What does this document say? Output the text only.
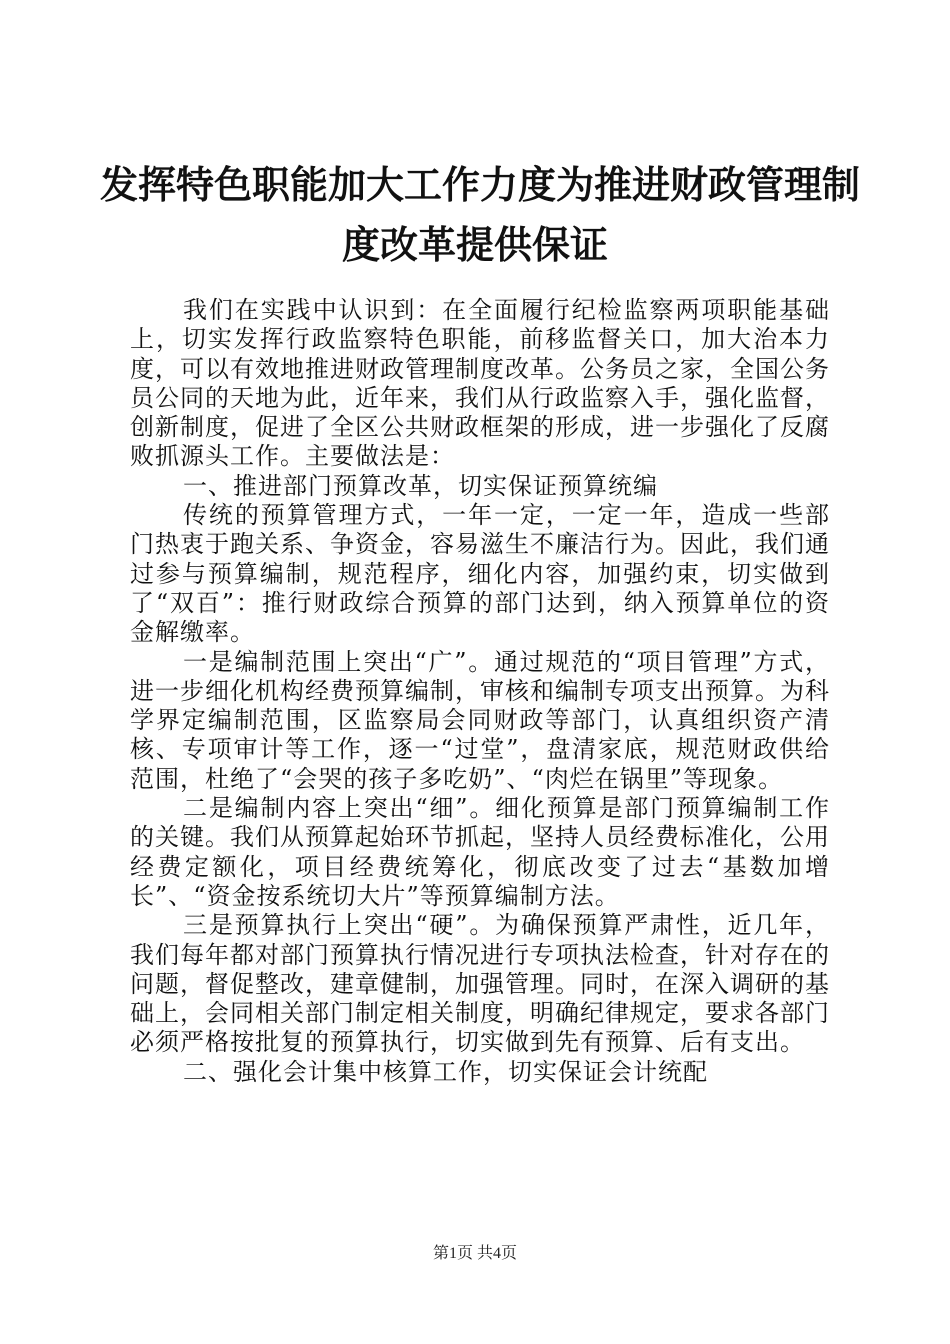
发挥特色职能加大工作力度为推进财政管理制
度改革提供保证

我们在实践中认识到：在全面履行纪检监察两项职能基础上，切实发挥行政监察特色职能，前移监督关口，加大治本力度，可以有效地推进财政管理制度改革。公务员之家，全国公务员公同的天地为此，近年来，我们从行政监察入手，强化监督，创新制度，促进了全区公共财政框架的形成，进一步强化了反腐败抓源头工作。主要做法是：

一、推进部门预算改革，切实保证预算统编

传统的预算管理方式，一年一定，一定一年，造成一些部门热衷于跑关系、争资金，容易滋生不廉洁行为。因此，我们通过参与预算编制，规范程序，细化内容，加强约束，切实做到了“双百”：推行财政综合预算的部门达到，纳入预算单位的资金解缴率。

一是编制范围上突出“广”。通过规范的“项目管理”方式，进一步细化机构经费预算编制，审核和编制专项支出预算。为科学界定编制范围，区监察局会同财政等部门，认真组织资产清核、专项审计等工作，逐一“过堂”，盘清家底，规范财政供给范围，杜绝了“会哭的孩子多吃奶”、“肉烂在锅里”等现象。

二是编制内容上突出“细”。细化预算是部门预算编制工作的关键。我们从预算起始环节抓起，坚持人员经费标准化，公用经费定额化，项目经费统筹化，彻底改变了过去“基数加增长”、“资金按系统切大片”等预算编制方法。

三是预算执行上突出“硬”。为确保预算严肃性，近几年，我们每年都对部门预算执行情况进行专项执法检查，针对存在的问题，督促整改，建章健制，加强管理。同时，在深入调研的基础上，会同相关部门制定相关制度，明确纪律规定，要求各部门必须严格按批复的预算执行，切实做到先有预算、后有支出。

二、强化会计集中核算工作，切实保证会计统配

第1页 共4页
